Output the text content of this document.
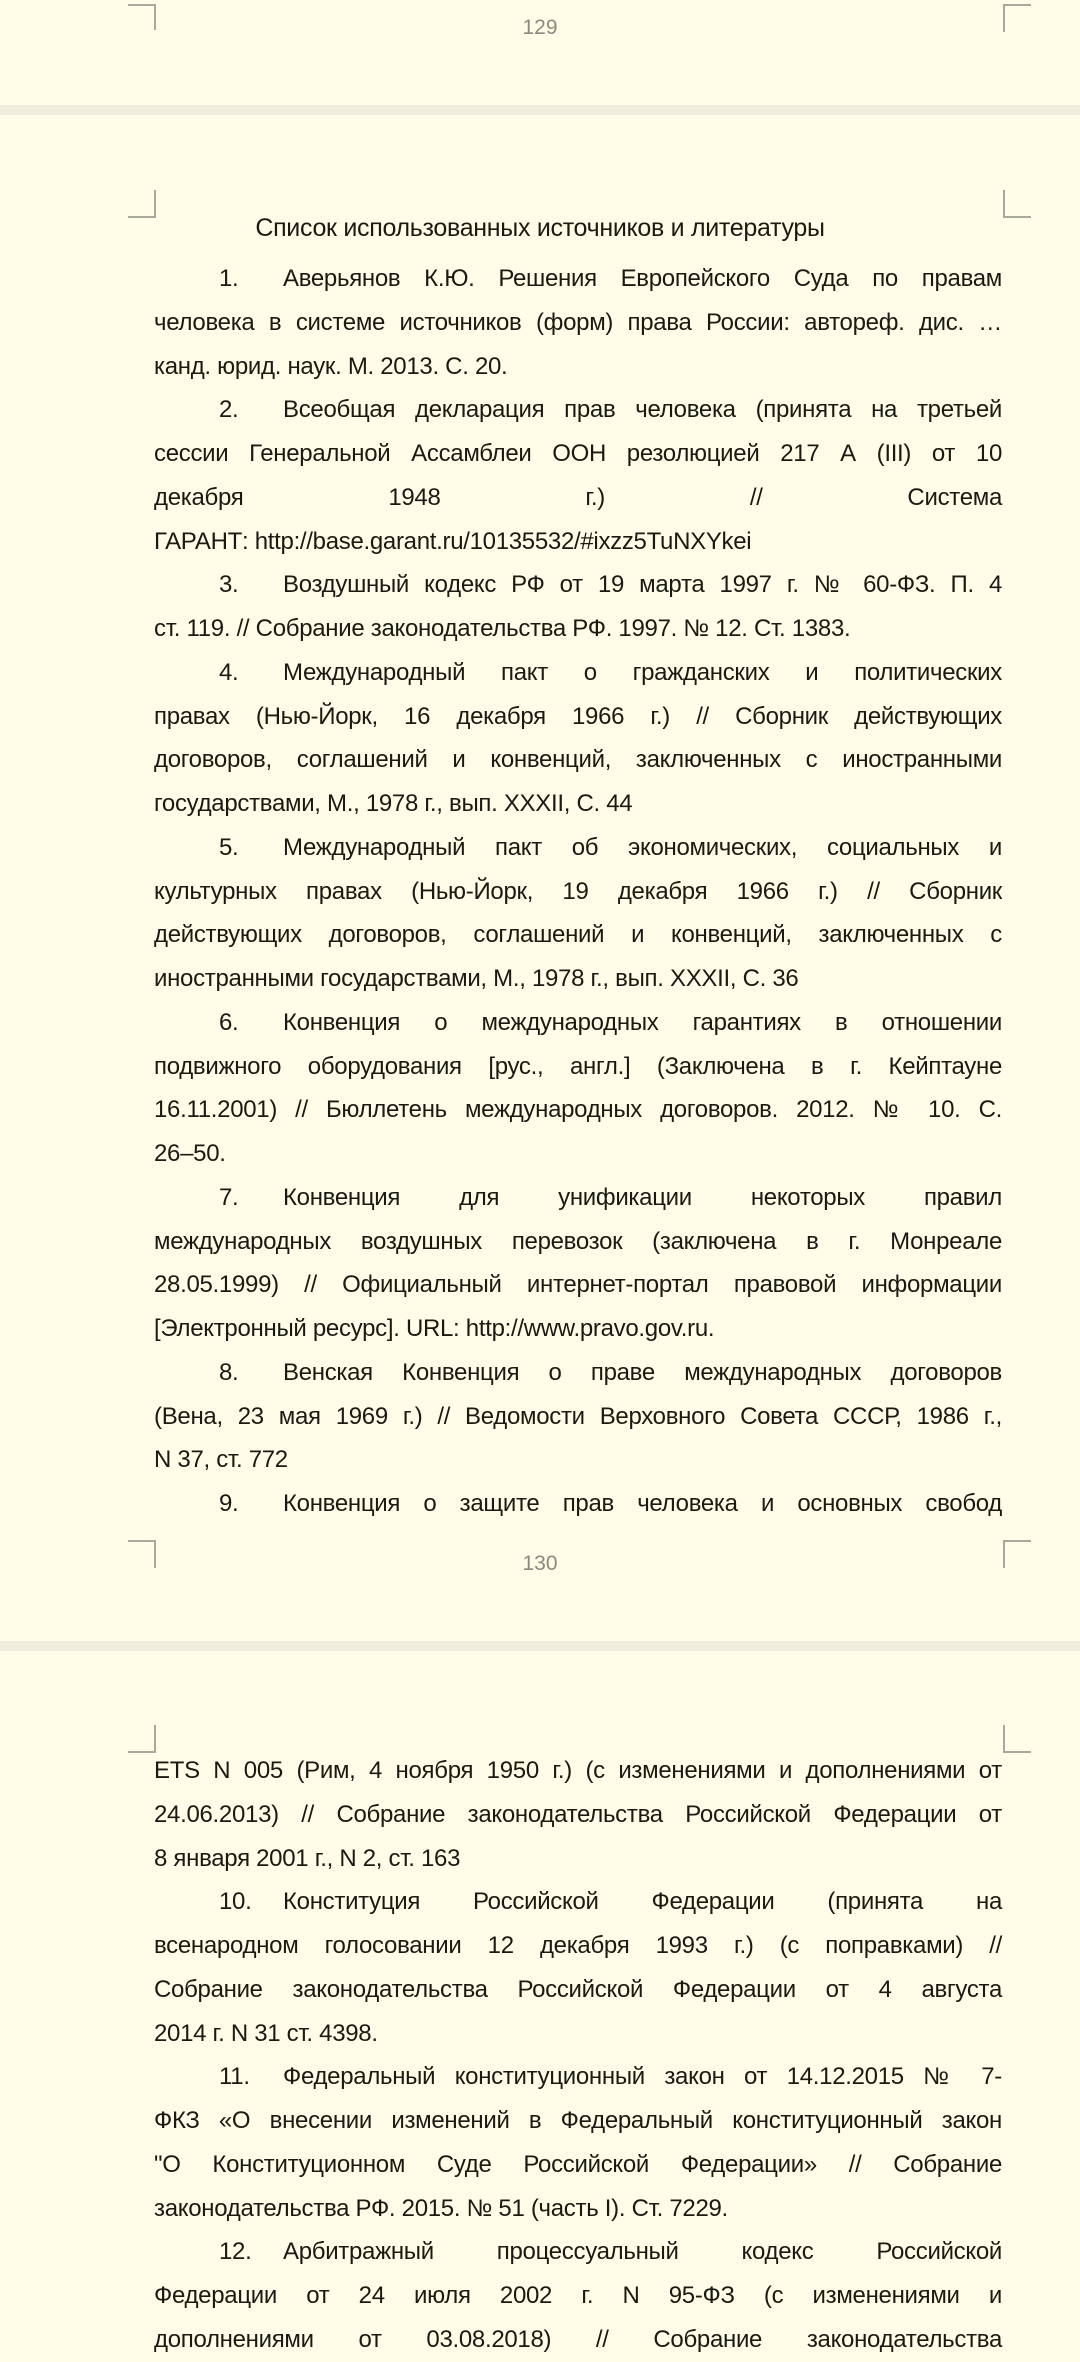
129
Список использованных источников и литературы
1. Аверьянов К.Ю. Решения Европейского Суда по правам
человека в системе источников (форм) права России: автореф. дис. …
канд. юрид. наук. М. 2013. С. 20.
2. Всеобщая декларация прав человека (принята на третьей
сессии Генеральной Ассамблеи ООН резолюцией 217 А (III) от 10
декабря 1948 г.) // Система
ГАРАНТ: http://base.garant.ru/10135532/#ixzz5TuNXYkei
3. Воздушный кодекс РФ от 19 марта 1997 г. № 60-ФЗ. П. 4
ст. 119. // Собрание законодательства РФ. 1997. № 12. Ст. 1383.
4. Международный пакт о гражданских и политических
правах (Нью-Йорк, 16 декабря 1966 г.) // Сборник действующих
договоров, соглашений и конвенций, заключенных с иностранными
государствами, М., 1978 г., вып. XXXII, С. 44
5. Международный пакт об экономических, социальных и
культурных правах (Нью-Йорк, 19 декабря 1966 г.) // Сборник
действующих договоров, соглашений и конвенций, заключенных с
иностранными государствами, М., 1978 г., вып. XXXII, С. 36
6. Конвенция о международных гарантиях в отношении
подвижного оборудования [рус., англ.] (Заключена в г. Кейптауне
16.11.2001) // Бюллетень международных договоров. 2012. № 10. С.
26–50.
7. Конвенция для унификации некоторых правил
международных воздушных перевозок (заключена в г. Монреале
28.05.1999) // Официальный интернет-портал правовой информации
[Электронный ресурс]. URL: http://www.pravo.gov.ru.
8. Венская Конвенция о праве международных договоров
(Вена, 23 мая 1969 г.) // Ведомости Верховного Совета СССР, 1986 г.,
N 37, ст. 772
9. Конвенция о защите прав человека и основных свобод
130
ETS N 005 (Рим, 4 ноября 1950 г.) (с изменениями и дополнениями от
24.06.2013) // Собрание законодательства Российской Федерации от
8 января 2001 г., N 2, ст. 163
10. Конституция Российской Федерации (принята на
всенародном голосовании 12 декабря 1993 г.) (с поправками) //
Собрание законодательства Российской Федерации от 4 августа
2014 г. N 31 ст. 4398.
11. Федеральный конституционный закон от 14.12.2015 № 7-
ФКЗ «О внесении изменений в Федеральный конституционный закон
"О Конституционном Суде Российской Федерации» // Собрание
законодательства РФ. 2015. № 51 (часть I). Ст. 7229.
12. Арбитражный процессуальный кодекс Российской
Федерации от 24 июля 2002 г. N 95-ФЗ (с изменениями и
дополнениями от 03.08.2018) // Собрание законодательства
